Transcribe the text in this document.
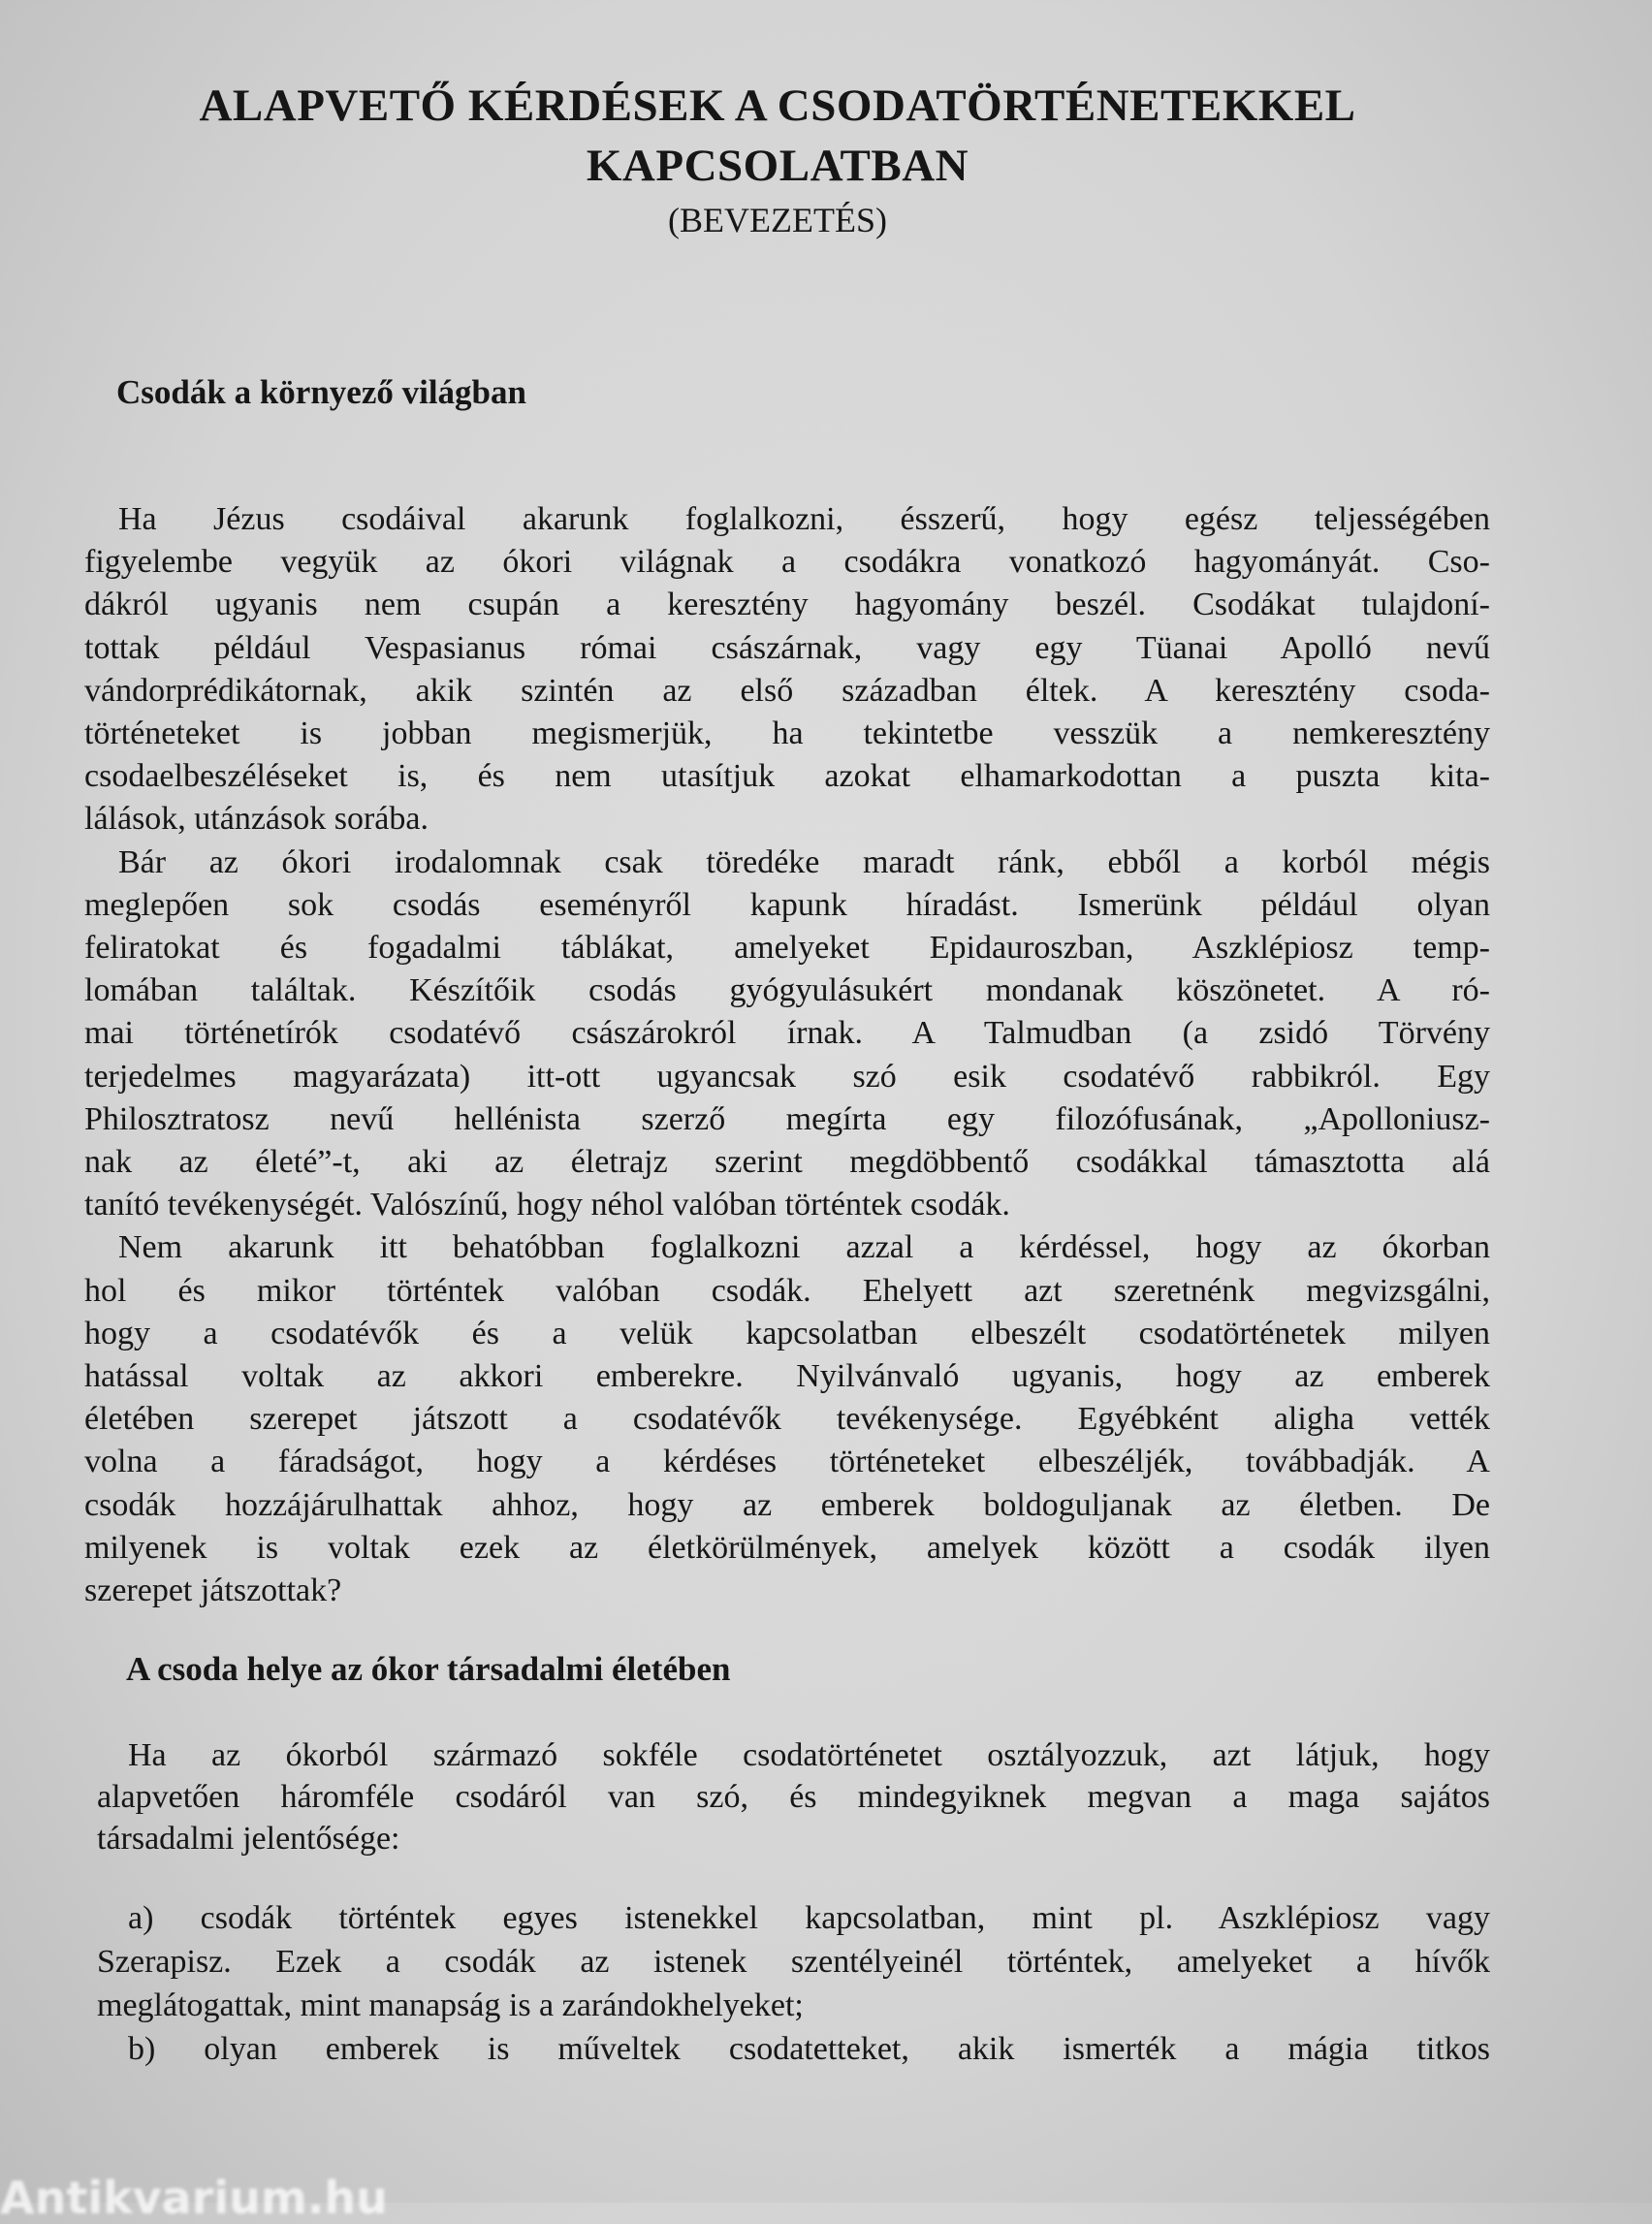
ALAPVETŐ KÉRDÉSEK A CSODATÖRTÉNETEKKEL
KAPCSOLATBAN
(BEVEZETÉS)
Csodák a környező világban
Ha Jézus csodáival akarunk foglalkozni, ésszerű, hogy egész teljességében
figyelembe vegyük az ókori világnak a csodákra vonatkozó hagyományát. Cso-
dákról ugyanis nem csupán a keresztény hagyomány beszél. Csodákat tulajdoní-
tottak például Vespasianus római császárnak, vagy egy Tüanai Apolló nevű
vándorprédikátornak, akik szintén az első században éltek. A keresztény csoda-
történeteket is jobban megismerjük, ha tekintetbe vesszük a nemkeresztény
csodaelbeszéléseket is, és nem utasítjuk azokat elhamarkodottan a puszta kita-
lálások, utánzások sorába.
Bár az ókori irodalomnak csak töredéke maradt ránk, ebből a korból mégis
meglepően sok csodás eseményről kapunk híradást. Ismerünk például olyan
feliratokat és fogadalmi táblákat, amelyeket Epidauroszban, Aszklépiosz temp-
lomában találtak. Készítőik csodás gyógyulásukért mondanak köszönetet. A ró-
mai történetírók csodatévő császárokról írnak. A Talmudban (a zsidó Törvény
terjedelmes magyarázata) itt-ott ugyancsak szó esik csodatévő rabbikról. Egy
Philosztratosz nevű hellénista szerző megírta egy filozófusának, „Apolloniusz-
nak az életé”-t, aki az életrajz szerint megdöbbentő csodákkal támasztotta alá
tanító tevékenységét. Valószínű, hogy néhol valóban történtek csodák.
Nem akarunk itt behatóbban foglalkozni azzal a kérdéssel, hogy az ókorban
hol és mikor történtek valóban csodák. Ehelyett azt szeretnénk megvizsgálni,
hogy a csodatévők és a velük kapcsolatban elbeszélt csodatörténetek milyen
hatással voltak az akkori emberekre. Nyilvánvaló ugyanis, hogy az emberek
életében szerepet játszott a csodatévők tevékenysége. Egyébként aligha vették
volna a fáradságot, hogy a kérdéses történeteket elbeszéljék, továbbadják. A
csodák hozzájárulhattak ahhoz, hogy az emberek boldoguljanak az életben. De
milyenek is voltak ezek az életkörülmények, amelyek között a csodák ilyen
szerepet játszottak?
A csoda helye az ókor társadalmi életében
Ha az ókorból származó sokféle csodatörténetet osztályozzuk, azt látjuk, hogy
alapvetően háromféle csodáról van szó, és mindegyiknek megvan a maga sajátos
társadalmi jelentősége:
a) csodák történtek egyes istenekkel kapcsolatban, mint pl. Aszklépiosz vagy
Szerapisz. Ezek a csodák az istenek szentélyeinél történtek, amelyeket a hívők
meglátogattak, mint manapság is a zarándokhelyeket;
b) olyan emberek is műveltek csodatetteket, akik ismerték a mágia titkos
Antikvarium.hu
